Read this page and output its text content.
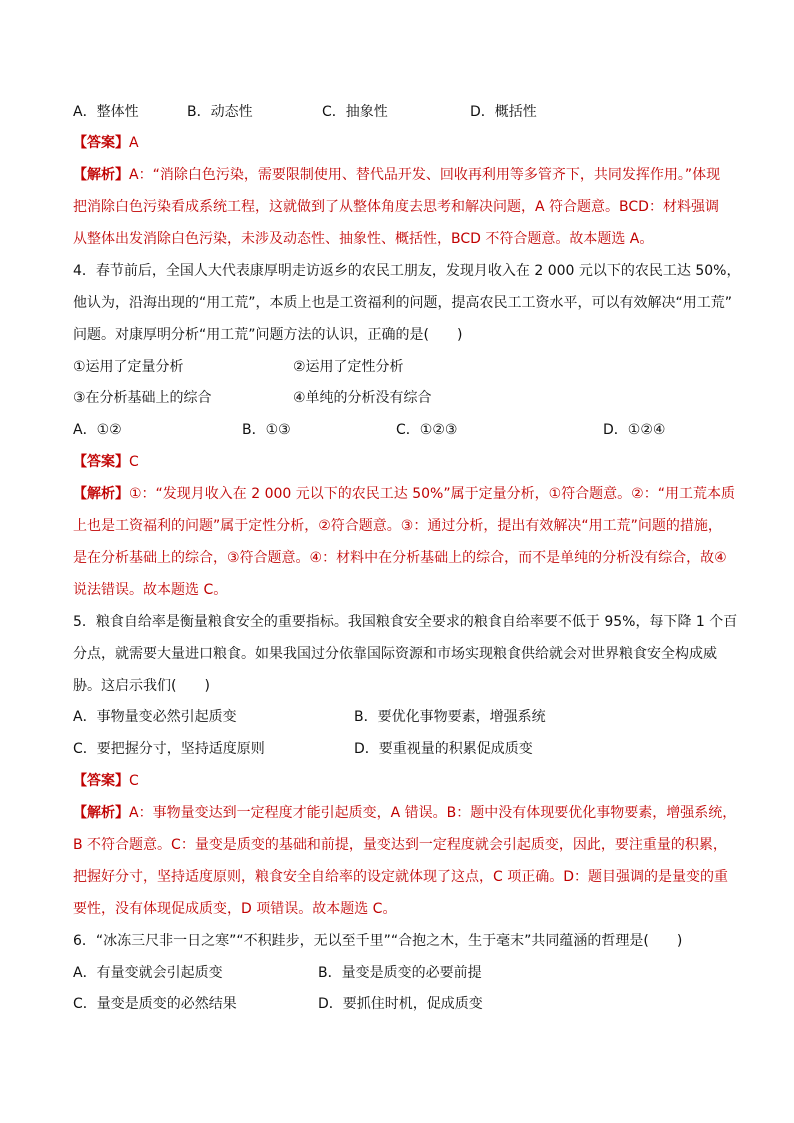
A．整体性	B．动态性	C．抽象性	D．概括性
【答案】A
【解析】A：“消除白色污染，需要限制使用、替代品开发、回收再利用等多管齐下，共同发挥作用。”体现
把消除白色污染看成系统工程，这就做到了从整体角度去思考和解决问题，A 符合题意。BCD：材料强调
从整体出发消除白色污染，未涉及动态性、抽象性、概括性，BCD 不符合题意。故本题选 A。
4．春节前后，全国人大代表康厚明走访返乡的农民工朋友，发现月收入在 2 000 元以下的农民工达 50%，
他认为，沿海出现的“用工荒”，本质上也是工资福利的问题，提高农民工工资水平，可以有效解决“用工荒”
问题。对康厚明分析“用工荒”问题方法的认识，正确的是(　　)
①运用了定量分析	②运用了定性分析
③在分析基础上的综合	④单纯的分析没有综合
A．①②	B．①③	C．①②③	D．①②④
【答案】C
【解析】①：“发现月收入在 2 000 元以下的农民工达 50%”属于定量分析，①符合题意。②：“用工荒本质
上也是工资福利的问题”属于定性分析，②符合题意。③：通过分析，提出有效解决“用工荒”问题的措施，
是在分析基础上的综合，③符合题意。④：材料中在分析基础上的综合，而不是单纯的分析没有综合，故④
说法错误。故本题选 C。
5．粮食自给率是衡量粮食安全的重要指标。我国粮食安全要求的粮食自给率要不低于 95%，每下降 1 个百
分点，就需要大量进口粮食。如果我国过分依靠国际资源和市场实现粮食供给就会对世界粮食安全构成威
胁。这启示我们(　　)
A．事物量变必然引起质变	B．要优化事物要素，增强系统
C．要把握分寸，坚持适度原则	D．要重视量的积累促成质变
【答案】C
【解析】A：事物量变达到一定程度才能引起质变，A 错误。B：题中没有体现要优化事物要素，增强系统，
B 不符合题意。C：量变是质变的基础和前提，量变达到一定程度就会引起质变，因此，要注重量的积累，
把握好分寸，坚持适度原则，粮食安全自给率的设定就体现了这点，C 项正确。D：题目强调的是量变的重
要性，没有体现促成质变，D 项错误。故本题选 C。
6．“冰冻三尺非一日之寒”“不积跬步，无以至千里”“合抱之木，生于毫末”共同蕴涵的哲理是(　　)
A．有量变就会引起质变	B．量变是质变的必要前提
C．量变是质变的必然结果	D．要抓住时机，促成质变
